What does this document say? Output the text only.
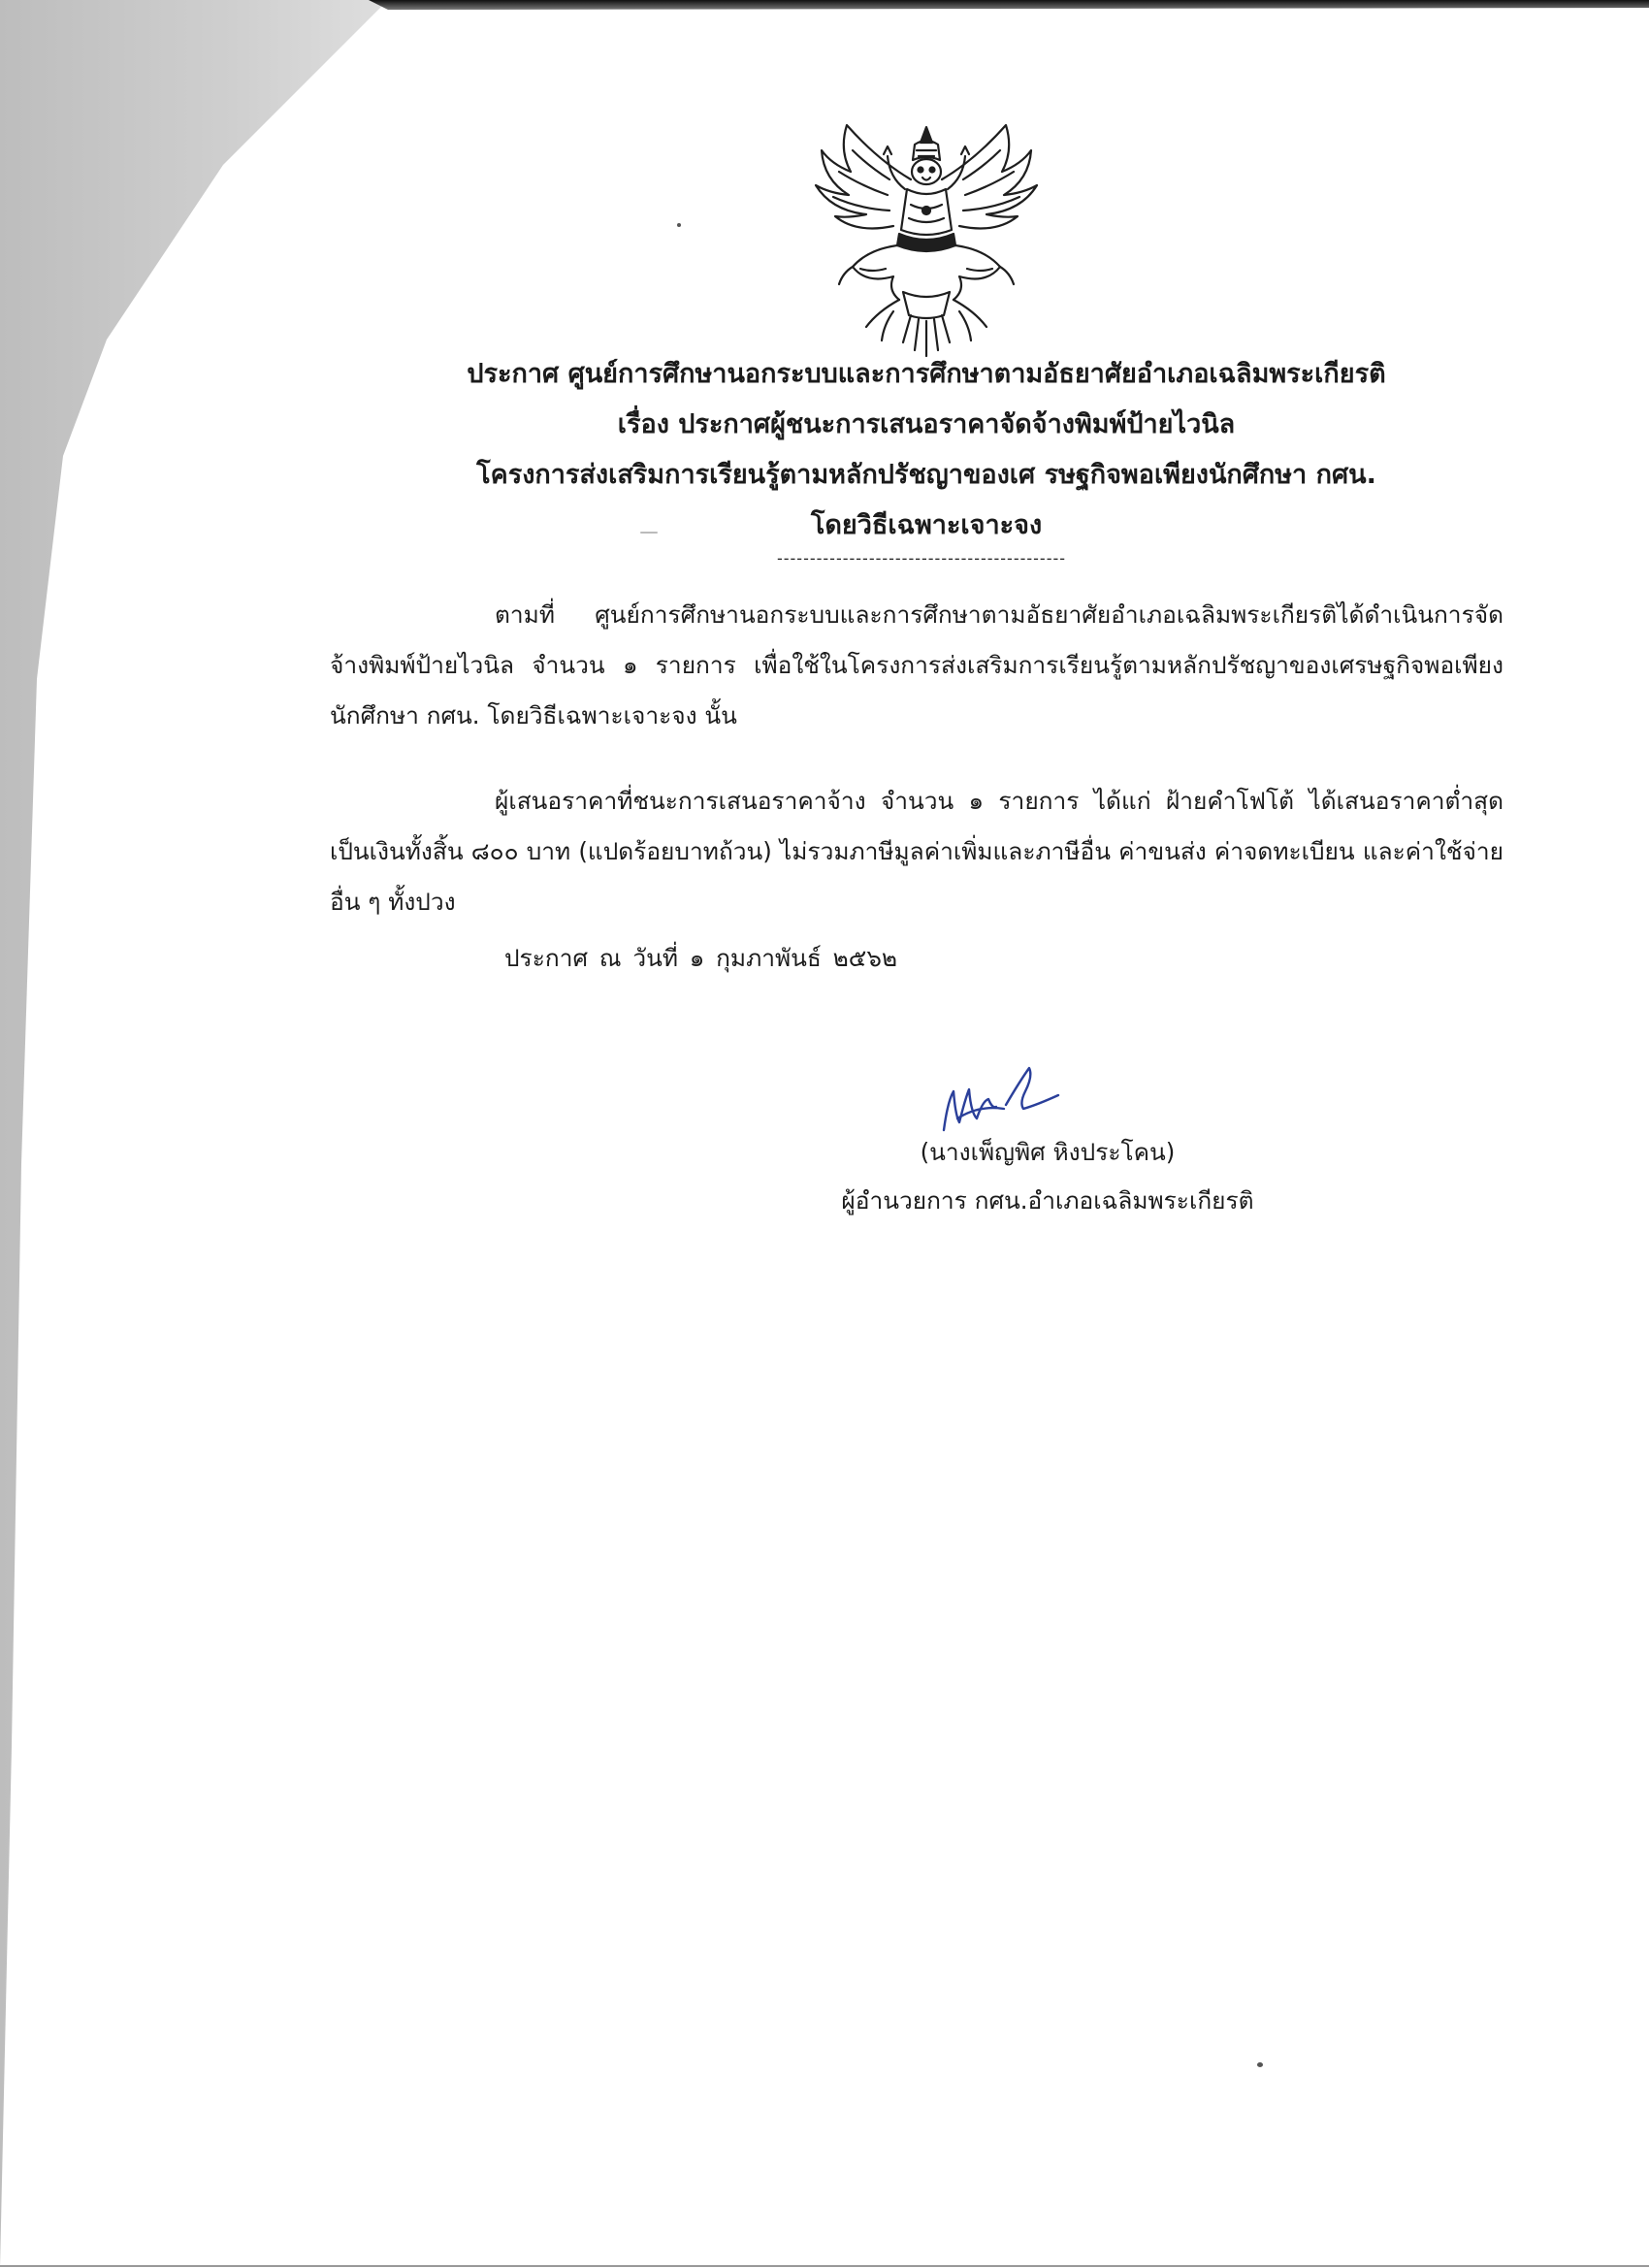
ประกาศ ศูนย์การศึกษานอกระบบและการศึกษาตามอัธยาศัยอำเภอเฉลิมพระเกียรติ
เรื่อง ประกาศผู้ชนะการเสนอราคาจัดจ้างพิมพ์ป้ายไวนิล
โครงการส่งเสริมการเรียนรู้ตามหลักปรัชญาของเศ รษฐกิจพอเพียงนักศึกษา กศน.
โดยวิธีเฉพาะเจาะจง
--------------------------------------------

ตามที่ ศูนย์การศึกษานอกระบบและการศึกษาตามอัธยาศัยอำเภอเฉลิมพระเกียรติได้ดำเนินการจัดจ้างพิมพ์ป้ายไวนิล จำนวน ๑ รายการ เพื่อใช้ในโครงการส่งเสริมการเรียนรู้ตามหลักปรัชญาของเศรษฐกิจพอเพียงนักศึกษา กศน. โดยวิธีเฉพาะเจาะจง นั้น

ผู้เสนอราคาที่ชนะการเสนอราคาจ้าง จำนวน ๑ รายการ ได้แก่ ฝ้ายคำโฟโต้ ได้เสนอราคาต่ำสุด เป็นเงินทั้งสิ้น ๘๐๐ บาท (แปดร้อยบาทถ้วน) ไม่รวมภาษีมูลค่าเพิ่มและภาษีอื่น ค่าขนส่ง ค่าจดทะเบียน และค่าใช้จ่ายอื่น ๆ ทั้งปวง

ประกาศ ณ วันที่ ๑ กุมภาพันธ์ ๒๕๖๒
(นางเพ็ญพิศ หิงประโคน)
ผู้อำนวยการ กศน.อำเภอเฉลิมพระเกียรติ
